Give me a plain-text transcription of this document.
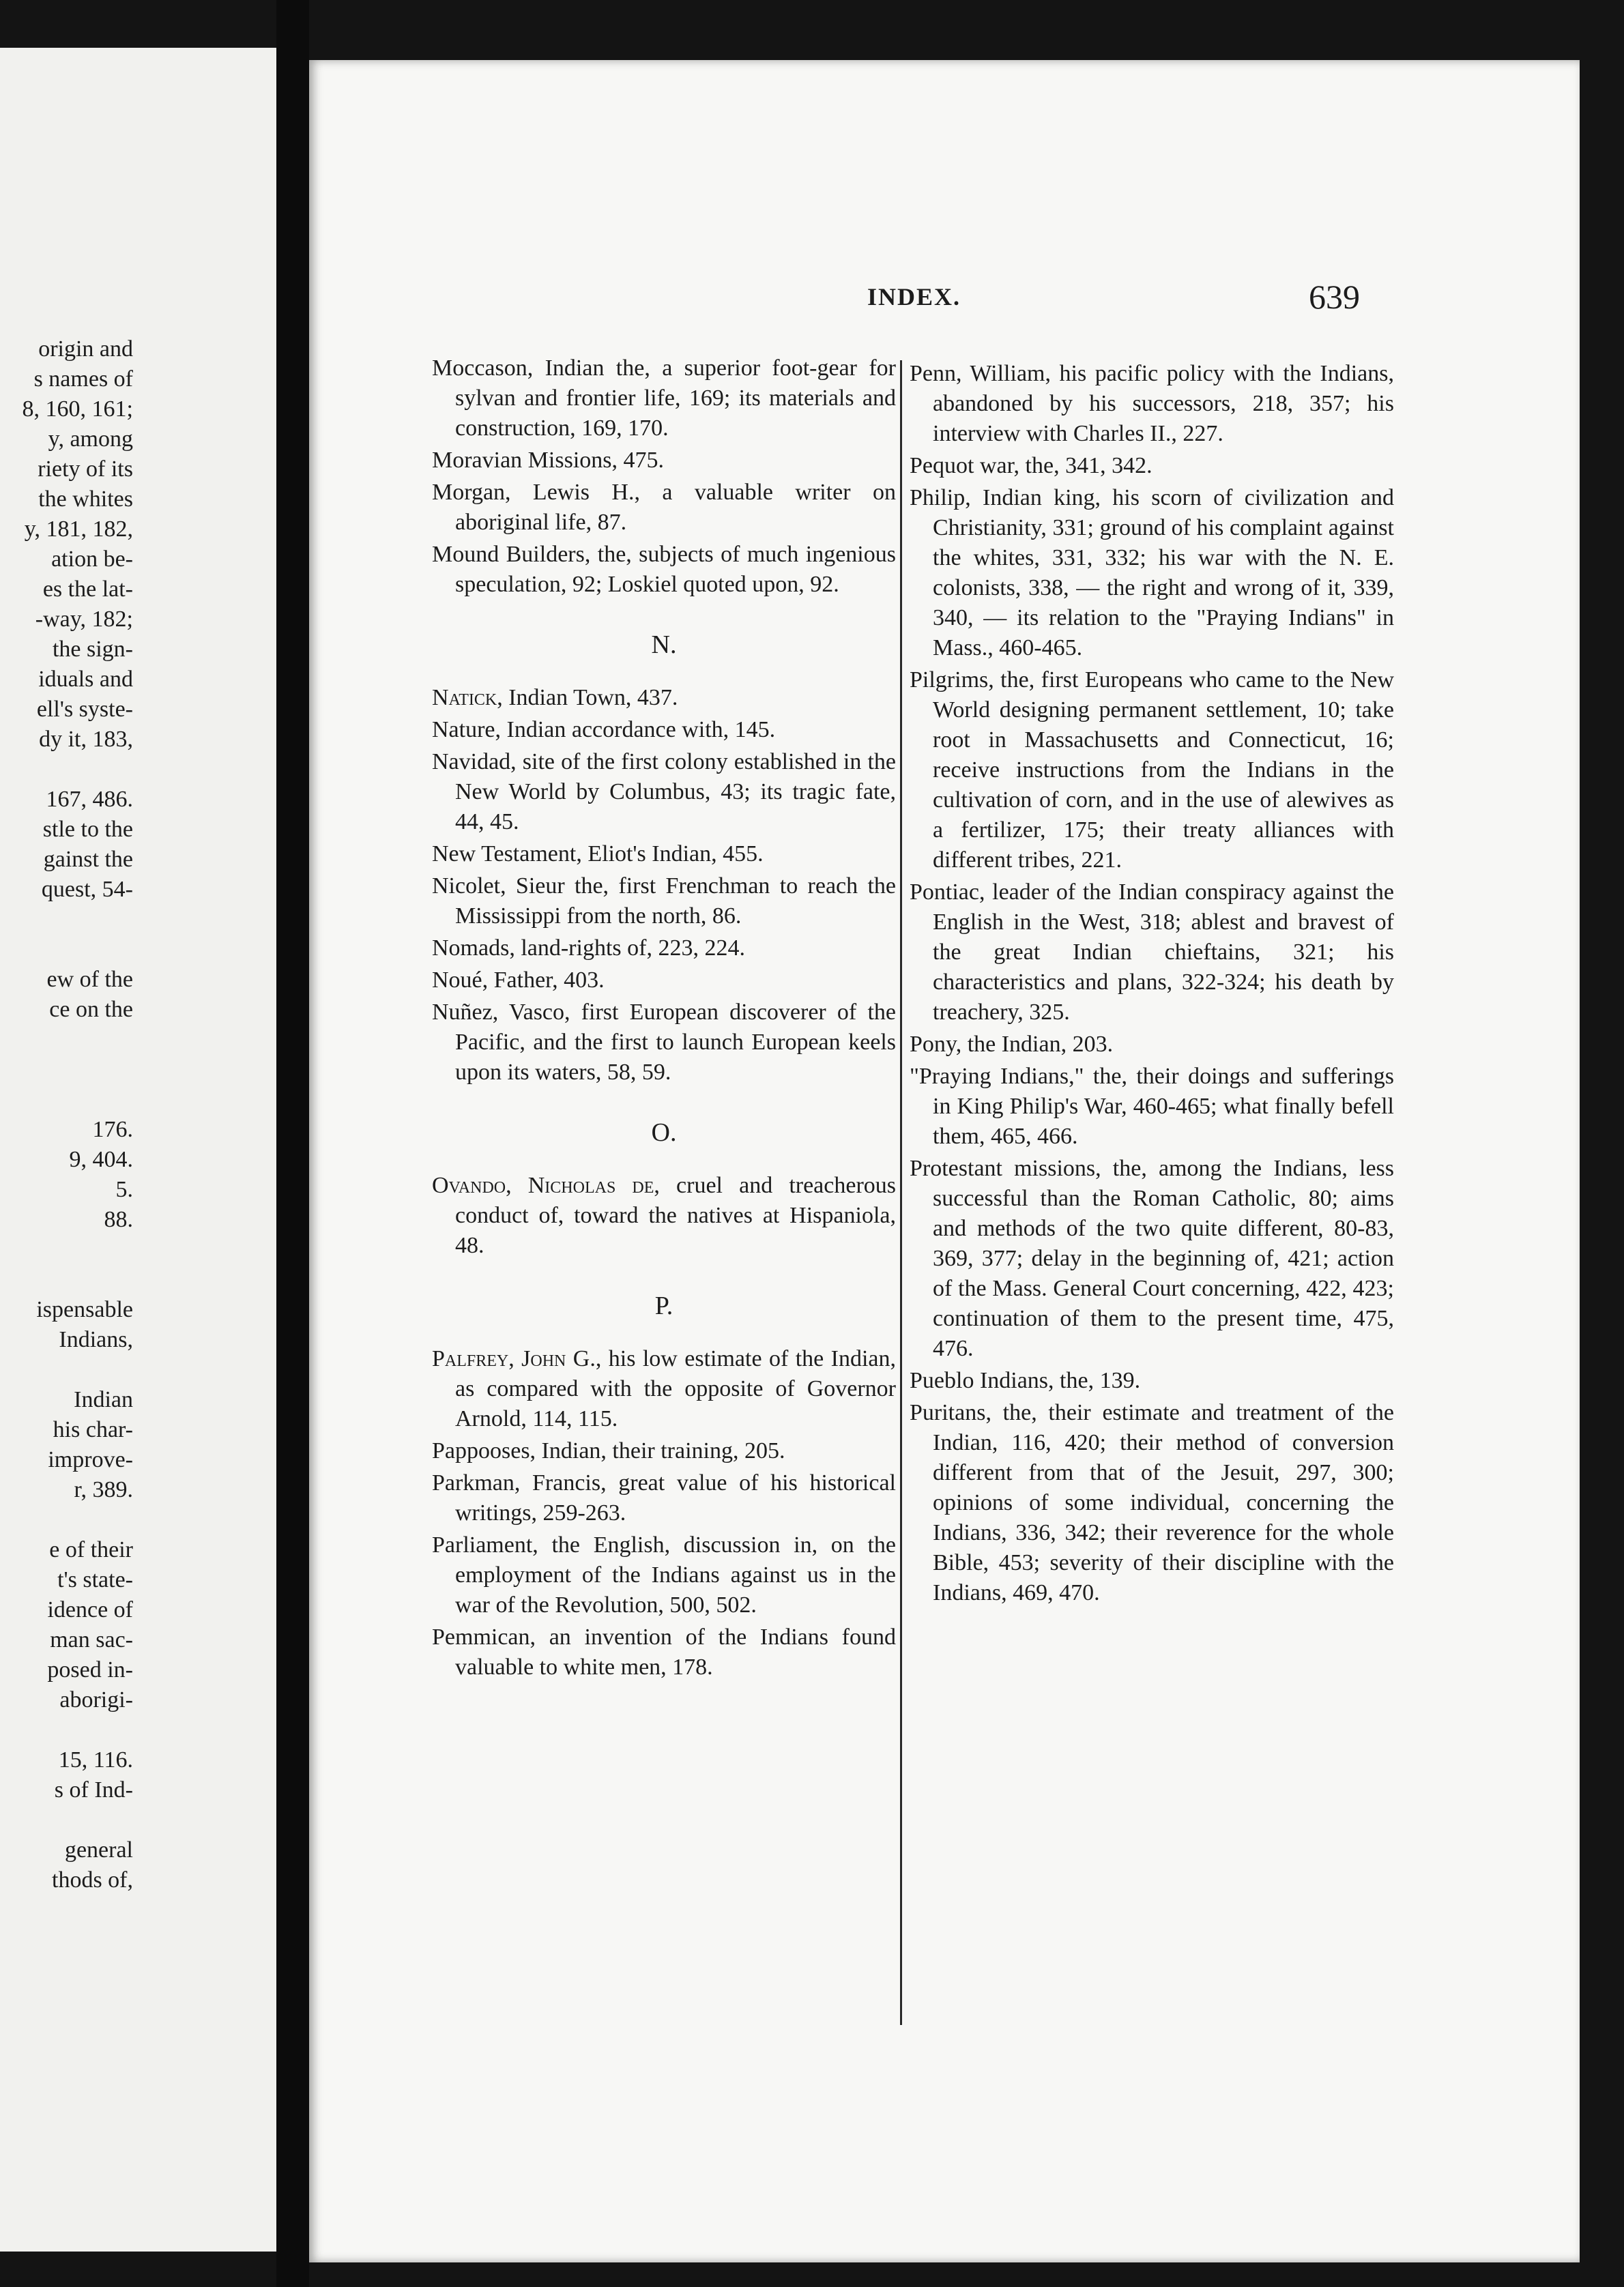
origin and
s names of
8, 160, 161;
y, among
riety of its
the whites
y, 181, 182,
ation be-
es the lat-
-way, 182;
the sign-
iduals and
ell's syste-
dy it, 183,
167, 486.
stle to the
gainst the
quest, 54-
ew of the
ce on the
176.
9, 404.
5.
88.
ispensable
Indians,
Indian
his char-
improve-
r, 389.
e of their
t's state-
idence of
man sac-
posed in-
aborigi-
15, 116.
s of Ind-
general
thods of,
INDEX.	639
Moccason, Indian the, a superior foot-gear for sylvan and frontier life, 169; its materials and construction, 169, 170.
Moravian Missions, 475.
Morgan, Lewis H., a valuable writer on aboriginal life, 87.
Mound Builders, the, subjects of much ingenious speculation, 92; Loskiel quoted upon, 92.
N.
Natick, Indian Town, 437.
Nature, Indian accordance with, 145.
Navidad, site of the first colony established in the New World by Columbus, 43; its tragic fate, 44, 45.
New Testament, Eliot's Indian, 455.
Nicolet, Sieur the, first Frenchman to reach the Mississippi from the north, 86.
Nomads, land-rights of, 223, 224.
Noué, Father, 403.
Nuñez, Vasco, first European discoverer of the Pacific, and the first to launch European keels upon its waters, 58, 59.
O.
Ovando, Nicholas de, cruel and treacherous conduct of, toward the natives at Hispaniola, 48.
P.
Palfrey, John G., his low estimate of the Indian, as compared with the opposite of Governor Arnold, 114, 115.
Pappooses, Indian, their training, 205.
Parkman, Francis, great value of his historical writings, 259-263.
Parliament, the English, discussion in, on the employment of the Indians against us in the war of the Revolution, 500, 502.
Pemmican, an invention of the Indians found valuable to white men, 178.
Penn, William, his pacific policy with the Indians, abandoned by his successors, 218, 357; his interview with Charles II., 227.
Pequot war, the, 341, 342.
Philip, Indian king, his scorn of civilization and Christianity, 331; ground of his complaint against the whites, 331, 332; his war with the N. E. colonists, 338, — the right and wrong of it, 339, 340, — its relation to the "Praying Indians" in Mass., 460-465.
Pilgrims, the, first Europeans who came to the New World designing permanent settlement, 10; take root in Massachusetts and Connecticut, 16; receive instructions from the Indians in the cultivation of corn, and in the use of alewives as a fertilizer, 175; their treaty alliances with different tribes, 221.
Pontiac, leader of the Indian conspiracy against the English in the West, 318; ablest and bravest of the great Indian chieftains, 321; his characteristics and plans, 322-324; his death by treachery, 325.
Pony, the Indian, 203.
"Praying Indians," the, their doings and sufferings in King Philip's War, 460-465; what finally befell them, 465, 466.
Protestant missions, the, among the Indians, less successful than the Roman Catholic, 80; aims and methods of the two quite different, 80-83, 369, 377; delay in the beginning of, 421; action of the Mass. General Court concerning, 422, 423; continuation of them to the present time, 475, 476.
Pueblo Indians, the, 139.
Puritans, the, their estimate and treatment of the Indian, 116, 420; their method of conversion different from that of the Jesuit, 297, 300; opinions of some individual, concerning the Indians, 336, 342; their reverence for the whole Bible, 453; severity of their discipline with the Indians, 469, 470.
